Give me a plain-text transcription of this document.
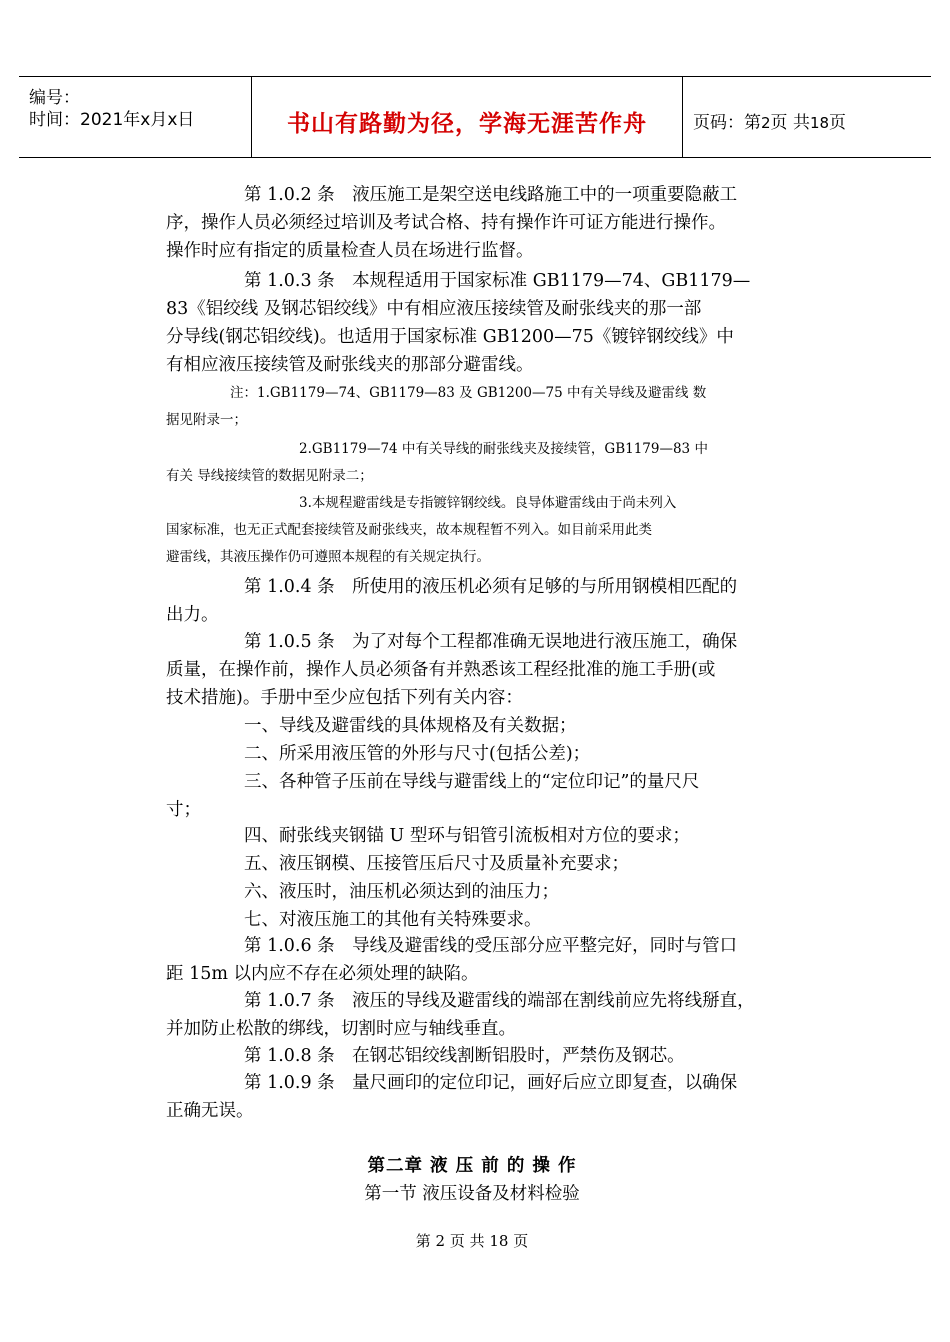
编号：
时间：2021年x月x日	书山有路勤为径，学海无涯苦作舟	页码：第2页 共18页
第 1.0.2 条　液压施工是架空送电线路施工中的一项重要隐蔽工
序，操作人员必须经过培训及考试合格、持有操作许可证方能进行操作。
操作时应有指定的质量检查人员在场进行监督。
第 1.0.3 条　本规程适用于国家标准 GB1179—74、GB1179—
83《铝绞线 及钢芯铝绞线》中有相应液压接续管及耐张线夹的那一部
分导线(钢芯铝绞线)。也适用于国家标准 GB1200—75《镀锌钢绞线》中
有相应液压接续管及耐张线夹的那部分避雷线。
注：1.GB1179—74、GB1179—83 及 GB1200—75 中有关导线及避雷线 数
据见附录一；
2.GB1179—74 中有关导线的耐张线夹及接续管，GB1179—83 中
有关 导线接续管的数据见附录二；
3.本规程避雷线是专指镀锌钢绞线。良导体避雷线由于尚未列入
国家标准，也无正式配套接续管及耐张线夹，故本规程暂不列入。如目前采用此类
避雷线，其液压操作仍可遵照本规程的有关规定执行。
第 1.0.4 条　所使用的液压机必须有足够的与所用钢模相匹配的
出力。
第 1.0.5 条　为了对每个工程都准确无误地进行液压施工，确保
质量，在操作前，操作人员必须备有并熟悉该工程经批准的施工手册(或
技术措施)。手册中至少应包括下列有关内容：
一、导线及避雷线的具体规格及有关数据；
二、所采用液压管的外形与尺寸(包括公差)；
三、各种管子压前在导线与避雷线上的“定位印记”的量尺尺
寸；
四、耐张线夹钢锚 U 型环与铝管引流板相对方位的要求；
五、液压钢模、压接管压后尺寸及质量补充要求；
六、液压时，油压机必须达到的油压力；
七、对液压施工的其他有关特殊要求。
第 1.0.6 条　导线及避雷线的受压部分应平整完好，同时与管口
距 15m 以内应不存在必须处理的缺陷。
第 1.0.7 条　液压的导线及避雷线的端部在割线前应先将线掰直，
并加防止松散的绑线，切割时应与轴线垂直。
第 1.0.8 条　在钢芯铝绞线割断铝股时，严禁伤及钢芯。
第 1.0.9 条　量尺画印的定位印记，画好后应立即复查，以确保
正确无误。
第二章 液 压 前 的 操 作
第一节 液压设备及材料检验
第 2 页 共 18 页
